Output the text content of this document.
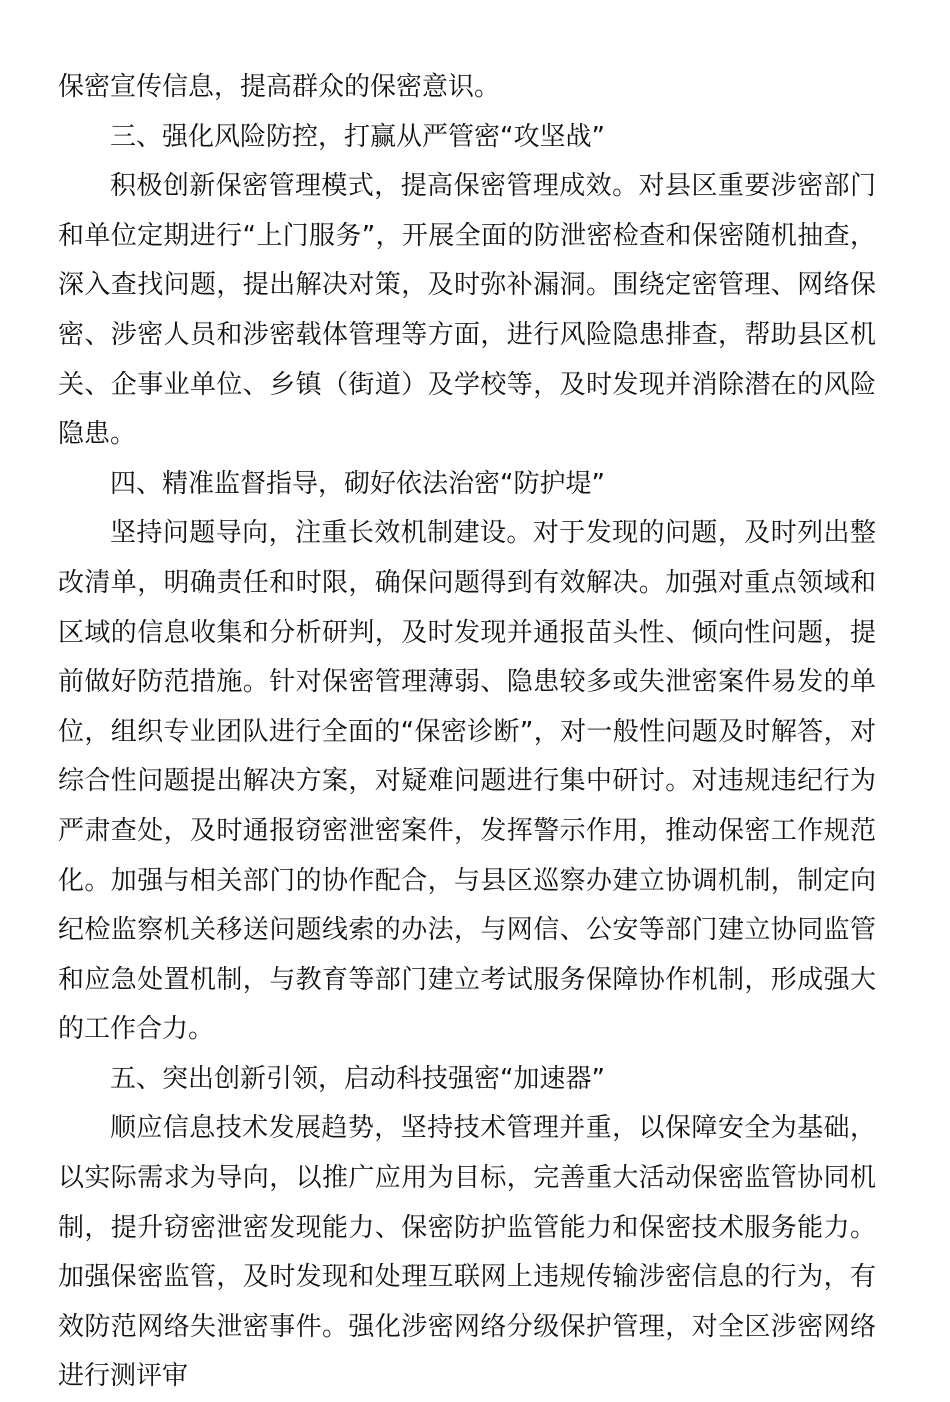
保密宣传信息，提高群众的保密意识。

三、强化风险防控，打赢从严管密“攻坚战”

积极创新保密管理模式，提高保密管理成效。对县区重要涉密部门和单位定期进行“上门服务”，开展全面的防泄密检查和保密随机抽查，深入查找问题，提出解决对策，及时弥补漏洞。围绕定密管理、网络保密、涉密人员和涉密载体管理等方面，进行风险隐患排查，帮助县区机关、企事业单位、乡镇（街道）及学校等，及时发现并消除潜在的风险隐患。

四、精准监督指导，砌好依法治密“防护堤”

坚持问题导向，注重长效机制建设。对于发现的问题，及时列出整改清单，明确责任和时限，确保问题得到有效解决。加强对重点领域和区域的信息收集和分析研判，及时发现并通报苗头性、倾向性问题，提前做好防范措施。针对保密管理薄弱、隐患较多或失泄密案件易发的单位，组织专业团队进行全面的“保密诊断”，对一般性问题及时解答，对综合性问题提出解决方案，对疑难问题进行集中研讨。对违规违纪行为严肃查处，及时通报窃密泄密案件，发挥警示作用，推动保密工作规范化。加强与相关部门的协作配合，与县区巡察办建立协调机制，制定向纪检监察机关移送问题线索的办法，与网信、公安等部门建立协同监管和应急处置机制，与教育等部门建立考试服务保障协作机制，形成强大的工作合力。

五、突出创新引领，启动科技强密“加速器”

顺应信息技术发展趋势，坚持技术管理并重，以保障安全为基础，以实际需求为导向，以推广应用为目标，完善重大活动保密监管协同机制，提升窃密泄密发现能力、保密防护监管能力和保密技术服务能力。加强保密监管，及时发现和处理互联网上违规传输涉密信息的行为，有效防范网络失泄密事件。强化涉密网络分级保护管理，对全区涉密网络进行测评审
